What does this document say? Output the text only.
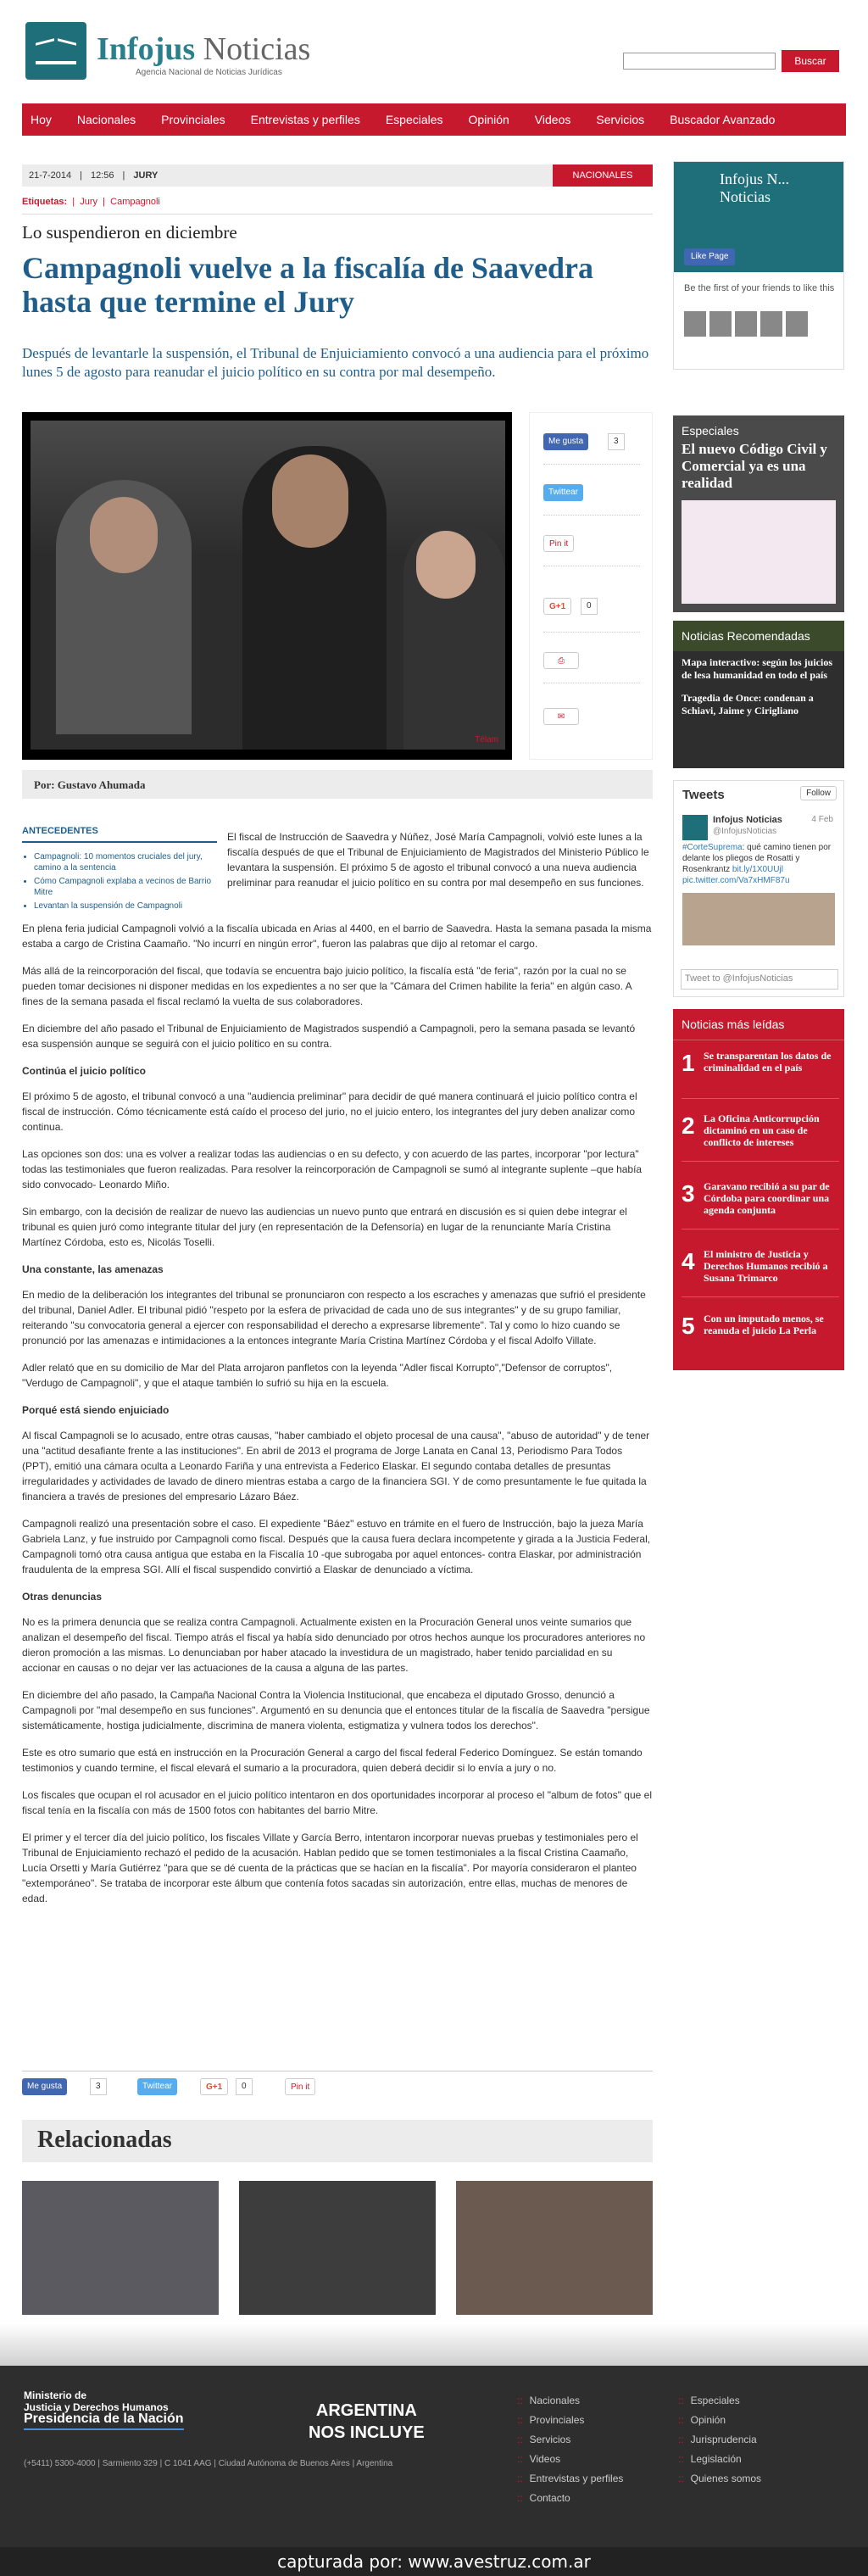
Infojus Noticias
Agencia Nacional de Noticias Jurídicas
Buscar
Hoy Nacionales Provinciales Entrevistas y perfiles Especiales Opinión Videos Servicios Buscador Avanzado
21-7-2014 | 12:56 | JURY	NACIONALES
Etiquetas:  |  Jury  |  Campagnoli
Lo suspendieron en diciembre
Campagnoli vuelve a la fiscalía de Saavedra hasta que termine el Jury
Después de levantarle la suspensión, el Tribunal de Enjuiciamiento convocó a una audiencia para el próximo lunes 5 de agosto para reanudar el juicio político en su contra por mal desempeño.
Télam
Me gusta	3
Twittear
Pin it
G+1	0
⎙
✉
Por: Gustavo Ahumada
ANTECEDENTES
• Campagnoli: 10 momentos cruciales del jury, camino a la sentencia
• Cómo Campagnoli explaba a vecinos de Barrio Mitre
• Levantan la suspensión de Campagnoli
El fiscal de Instrucción de Saavedra y Núñez, José María Campagnoli, volvió este lunes a la fiscalía después de que el Tribunal de Enjuiciamiento de Magistrados del Ministerio Público le levantara la suspensión. El próximo 5 de agosto el tribunal convocó a una nueva audiencia preliminar para reanudar el juicio político en su contra por mal desempeño en sus funciones.

En plena feria judicial Campagnoli volvió a la fiscalía ubicada en Arias al 4400, en el barrio de Saavedra. Hasta la semana pasada la misma estaba a cargo de Cristina Caamaño. "No incurrí en ningún error", fueron las palabras que dijo al retomar el cargo.

Más allá de la reincorporación del fiscal, que todavía se encuentra bajo juicio político, la fiscalía está "de feria", razón por la cual no se pueden tomar decisiones ni disponer medidas en los expedientes a no ser que la "Cámara del Crimen habilite la feria" en algún caso. A fines de la semana pasada el fiscal reclamó la vuelta de sus colaboradores.

En diciembre del año pasado el Tribunal de Enjuiciamiento de Magistrados suspendió a Campagnoli, pero la semana pasada se levantó esa suspensión aunque se seguirá con el juicio político en su contra.

Continúa el juicio político

El próximo 5 de agosto, el tribunal convocó a una "audiencia preliminar" para decidir de qué manera continuará el juicio político contra el fiscal de instrucción. Cómo técnicamente está caído el proceso del jurio, no el juicio entero, los integrantes del jury deben analizar como continua.

Las opciones son dos: una es volver a realizar todas las audiencias o en su defecto, y con acuerdo de las partes, incorporar "por lectura" todas las testimoniales que fueron realizadas. Para resolver la reincorporación de Campagnoli se sumó al integrante suplente –que había sido convocado- Leonardo Miño.

Sin embargo, con la decisión de realizar de nuevo las audiencias un nuevo punto que entrará en discusión es si quien debe integrar el tribunal es quien juró como integrante titular del jury (en representación de la Defensoría) en lugar de la renunciante María Cristina Martínez Córdoba, esto es, Nicolás Toselli.

Una constante, las amenazas

En medio de la deliberación los integrantes del tribunal se pronunciaron con respecto a los escraches y amenazas que sufrió el presidente del tribunal, Daniel Adler. El tribunal pidió "respeto por la esfera de privacidad de cada uno de sus integrantes" y de su grupo familiar, reiterando "su convocatoria general a ejercer con responsabilidad el derecho a expresarse libremente". Tal y como lo hizo cuando se pronunció por las amenazas e intimidaciones a la entonces integrante María Cristina Martínez Córdoba y el fiscal Adolfo Villate.

Adler relató que en su domicilio de Mar del Plata arrojaron panfletos con la leyenda "Adler fiscal Korrupto","Defensor de corruptos", "Verdugo de Campagnoli", y que el ataque también lo sufrió su hija en la escuela.

Porqué está siendo enjuiciado

Al fiscal Campagnoli se lo acusado, entre otras causas, "haber cambiado el objeto procesal de una causa", "abuso de autoridad" y de tener una "actitud desafiante frente a las instituciones". En abril de 2013 el programa de Jorge Lanata en Canal 13, Periodismo Para Todos (PPT), emitió una cámara oculta a Leonardo Fariña y una entrevista a Federico Elaskar. El segundo contaba detalles de presuntas irregularidades y actividades de lavado de dinero mientras estaba a cargo de la financiera SGI. Y de como presuntamente le fue quitada la financiera a través de presiones del empresario Lázaro Báez.

Campagnoli realizó una presentación sobre el caso. El expediente "Báez" estuvo en trámite en el fuero de Instrucción, bajo la jueza María Gabriela Lanz, y fue instruido por Campagnoli como fiscal. Después que la causa fuera declara incompetente y girada a la Justicia Federal, Campagnoli tomó otra causa antigua que estaba en la Fiscalía 10 -que subrogaba por aquel entonces- contra Elaskar, por administración fraudulenta de la empresa SGI. Allí el fiscal suspendido convirtió a Elaskar de denunciado a víctima.

Otras denuncias

No es la primera denuncia que se realiza contra Campagnoli. Actualmente existen en la Procuración General unos veinte sumarios que analizan el desempeño del fiscal. Tiempo atrás el fiscal ya había sido denunciado por otros hechos aunque los procuradores anteriores no dieron promoción a las mismas. Lo denunciaban por haber atacado la investidura de un magistrado, haber tenido parcialidad en su accionar en causas o no dejar ver las actuaciones de la causa a alguna de las partes.

En diciembre del año pasado, la Campaña Nacional Contra la Violencia Institucional, que encabeza el diputado Grosso, denunció a Campagnoli por "mal desempeño en sus funciones". Argumentó en su denuncia que el entonces titular de la fiscalía de Saavedra "persigue sistemáticamente, hostiga judicialmente, discrimina de manera violenta, estigmatiza y vulnera todos los derechos".

Este es otro sumario que está en instrucción en la Procuración General a cargo del fiscal federal Federico Domínguez. Se están tomando testimonios y cuando termine, el fiscal elevará el sumario a la procuradora, quien deberá decidir si lo envía a jury o no.

Los fiscales que ocupan el rol acusador en el juicio político intentaron en dos oportunidades incorporar al proceso el "album de fotos" que el fiscal tenía en la fiscalía con más de 1500 fotos con habitantes del barrio Mitre.

El primer y el tercer día del juicio político, los fiscales Villate y García Berro, intentaron incorporar nuevas pruebas y testimoniales pero el Tribunal de Enjuiciamiento rechazó el pedido de la acusación. Hablan pedido que se tomen testimoniales a la fiscal Cristina Caamaño, Lucía Orsetti y María Gutiérrez "para que se dé cuenta de la prácticas que se hacían en la fiscalía". Por mayoría consideraron el planteo "extemporáneo". Se trataba de incorporar este álbum que contenía fotos sacadas sin autorización, entre ellas, muchas de menores de edad.

Me gusta	3	Twittear	G+1	0	Pin it
Relacionadas
Infojus N... Noticias
Like Page
Be the first of your friends to like this
Especiales
El nuevo Código Civil y Comercial ya es una realidad
Noticias Recomendadas
Mapa interactivo: según los juicios de lesa humanidad en todo el país
Tragedia de Once: condenan a Schiavi, Jaime y Cirigliano
Tweets	Follow
Infojus Noticias
@InfojusNoticias
4 Feb
#CorteSuprema: qué camino tienen por delante los pliegos de Rosatti y Rosenkrantz bit.ly/1X0UUjl pic.twitter.com/Va7xHMF87u
Tweet to @InfojusNoticias
Noticias más leídas
1 Se transparentan los datos de criminalidad en el país
2 La Oficina Anticorrupción dictaminó en un caso de conflicto de intereses
3 Garavano recibió a su par de Córdoba para coordinar una agenda conjunta
4 El ministro de Justicia y Derechos Humanos recibió a Susana Trimarco
5 Con un imputado menos, se reanuda el juicio La Perla
Ministerio de
Justicia y Derechos Humanos
Presidencia de la Nación	ARGENTINA
NOS INCLUYE
(+5411) 5300-4000 | Sarmiento 329 | C 1041 AAG | Ciudad Autónoma de Buenos Aires | Argentina
:: Nacionales
:: Provinciales
:: Servicios
:: Videos
:: Entrevistas y perfiles
:: Contacto
:: Especiales
:: Opinión
:: Jurisprudencia
:: Legislación
:: Quienes somos
capturada por: www.avestruz.com.ar
